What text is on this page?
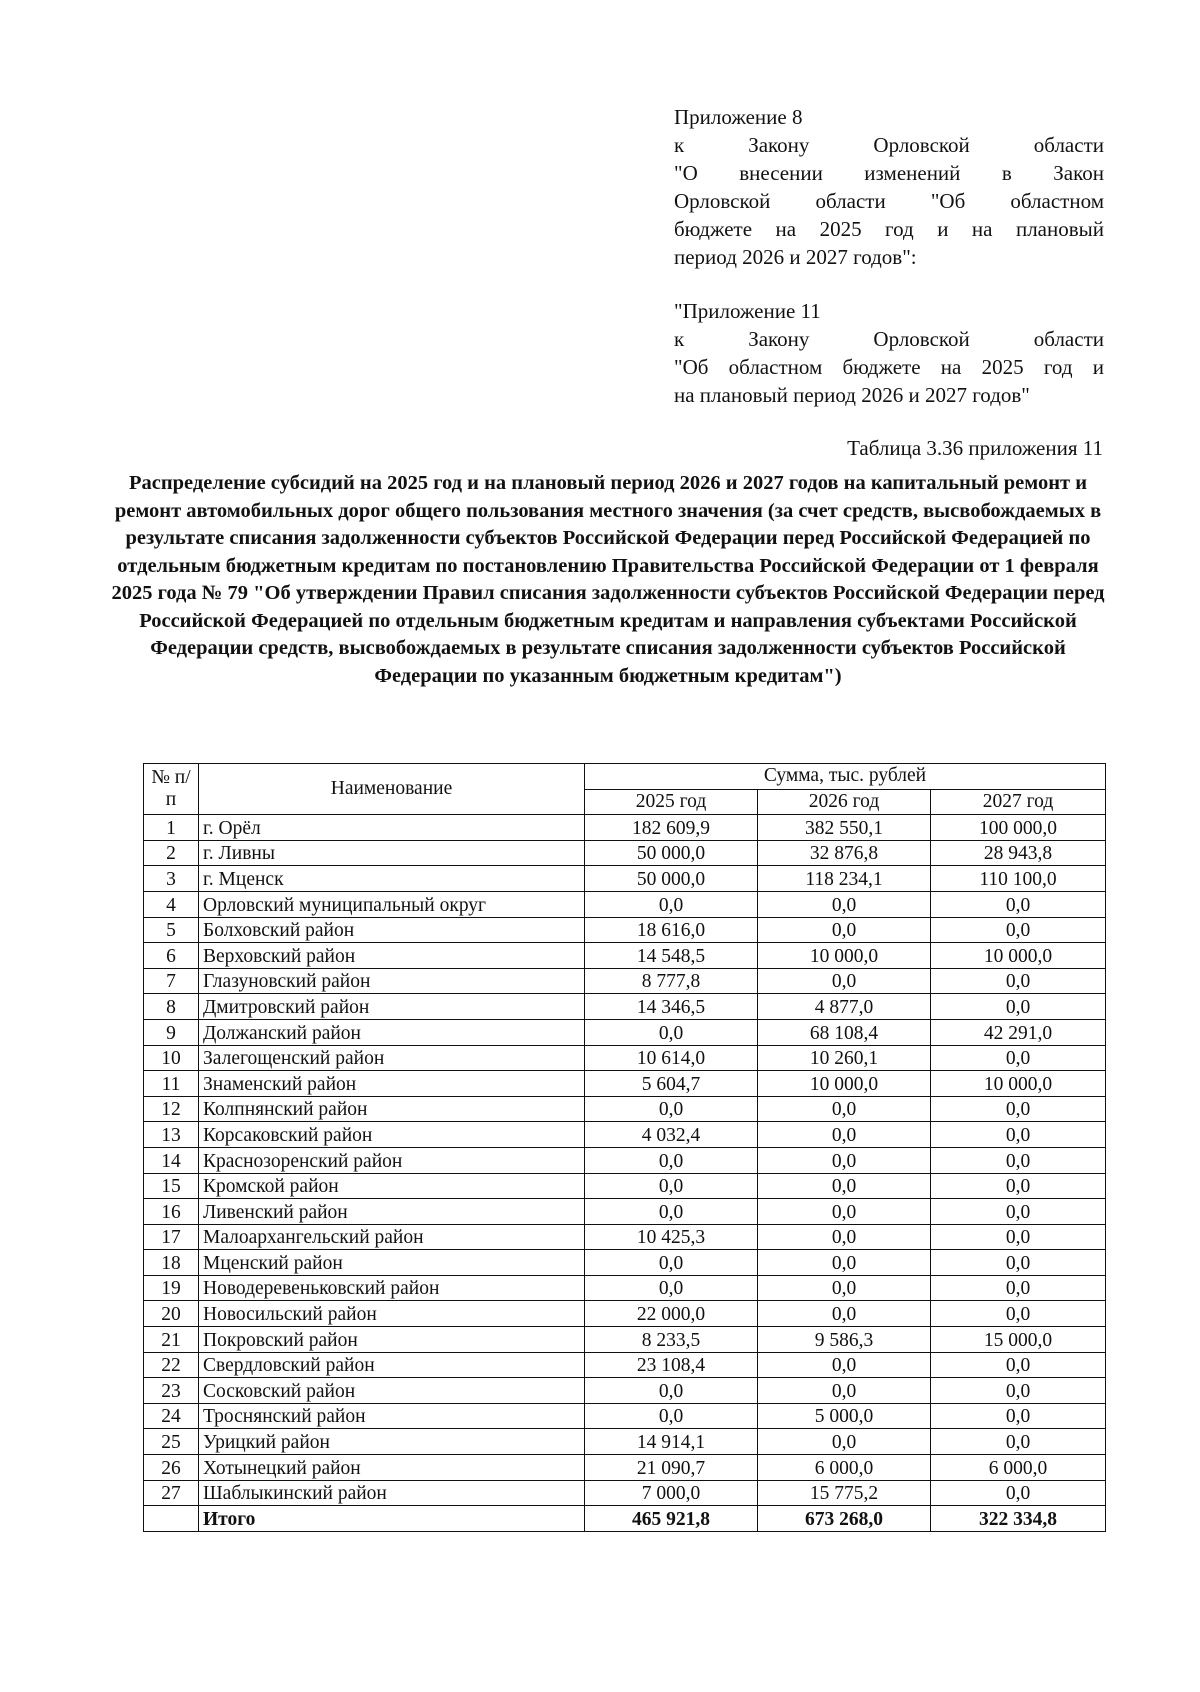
Приложение 8
к Закону Орловской области
"О внесении изменений в Закон
Орловской области "Об областном
бюджете на 2025 год и на плановый
период 2026 и 2027 годов":
"Приложение 11
к Закону Орловской области
"Об областном бюджете на 2025 год и
на плановый период 2026 и 2027 годов"
Таблица 3.36 приложения 11
Распределение субсидий на 2025 год и на плановый период 2026 и 2027 годов на капитальный ремонт и ремонт автомобильных дорог общего пользования местного значения (за счет средств, высвобождаемых в результате списания задолженности субъектов Российской Федерации перед Российской Федерацией по отдельным бюджетным кредитам по постановлению Правительства Российской Федерации от 1 февраля 2025 года № 79 "Об утверждении Правил списания задолженности субъектов Российской Федерации перед Российской Федерацией по отдельным бюджетным кредитам и направления субъектами Российской Федерации средств, высвобождаемых в результате списания задолженности субъектов Российской Федерации по указанным бюджетным кредитам")
№ п/п	Наименование	Сумма, тыс. рублей		
		2025 год	2026 год	2027 год
1	г. Орёл	182 609,9	382 550,1	100 000,0
2	г. Ливны	50 000,0	32 876,8	28 943,8
3	г. Мценск	50 000,0	118 234,1	110 100,0
4	Орловский муниципальный округ	0,0	0,0	0,0
5	Болховский район	18 616,0	0,0	0,0
6	Верховский район	14 548,5	10 000,0	10 000,0
7	Глазуновский район	8 777,8	0,0	0,0
8	Дмитровский район	14 346,5	4 877,0	0,0
9	Должанский район	0,0	68 108,4	42 291,0
10	Залегощенский район	10 614,0	10 260,1	0,0
11	Знаменский район	5 604,7	10 000,0	10 000,0
12	Колпнянский район	0,0	0,0	0,0
13	Корсаковский район	4 032,4	0,0	0,0
14	Краснозоренский район	0,0	0,0	0,0
15	Кромской район	0,0	0,0	0,0
16	Ливенский район	0,0	0,0	0,0
17	Малоархангельский район	10 425,3	0,0	0,0
18	Мценский район	0,0	0,0	0,0
19	Новодеревеньковский район	0,0	0,0	0,0
20	Новосильский район	22 000,0	0,0	0,0
21	Покровский район	8 233,5	9 586,3	15 000,0
22	Свердловский район	23 108,4	0,0	0,0
23	Сосковский район	0,0	0,0	0,0
24	Троснянский район	0,0	5 000,0	0,0
25	Урицкий район	14 914,1	0,0	0,0
26	Хотынецкий район	21 090,7	6 000,0	6 000,0
27	Шаблыкинский район	7 000,0	15 775,2	0,0
	Итого	465 921,8	673 268,0	322 334,8
